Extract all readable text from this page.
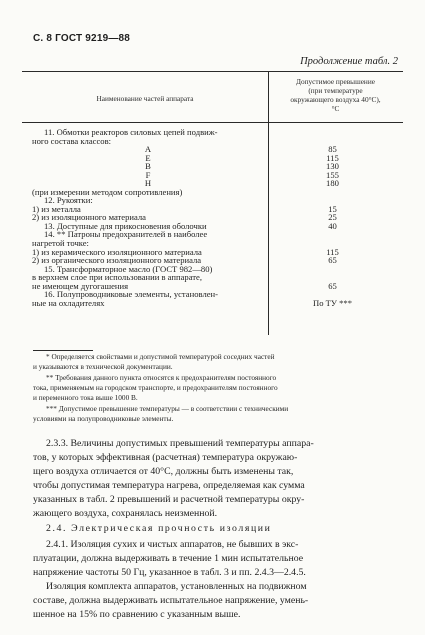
С. 8 ГОСТ 9219—88
Продолжение табл. 2
Наименование частей аппарата
Допустимое превышение
(при температуре
окружающего воздуха 40°С),
°С
11. Обмотки реакторов силовых цепей подвиж-
ного состава классов:
А	85
Е	115
В	130
F	155
Н	180
(при измерении методом сопротивления)
12. Рукоятки:
1) из металла	15
2) из изоляционного материала	25
13. Доступные для прикосновения оболочки	40
14. ** Патроны предохранителей в наиболее
нагретой точке:
1) из керамического изоляционного материала	115
2) из органического изоляционного материала	65
15. Трансформаторное масло (ГОСТ 982—80)
в верхнем слое при использовании в аппарате,
не имеющем дугогашения	65
16. Полупроводниковые элементы, установлен-
ные на охладителях	По ТУ ***
* Определяется свойствами и допустимой температурой соседних частей
и указываются в технической документации.
** Требования данного пункта относятся к предохранителям постоянного
тока, применяемым на городском транспорте, и предохранителям постоянного
и переменного тока выше 1000 В.
*** Допустимое превышение температуры — в соответствии с техническими
условиями на полупроводниковые элементы.
2.3.3. Величины допустимых превышений температуры аппара-
тов, у которых эффективная (расчетная) температура окружаю-
щего воздуха отличается от 40°С, должны быть изменены так,
чтобы допустимая температура нагрева, определяемая как сумма
указанных в табл. 2 превышений и расчетной температуры окру-
жающего воздуха, сохранялась неизменной.
2.4. Электрическая прочность изоляции
2.4.1. Изоляция сухих и чистых аппаратов, не бывших в экс-
плуатации, должна выдерживать в течение 1 мин испытательное
напряжение частоты 50 Гц, указанное в табл. 3 и пп. 2.4.3—2.4.5.
Изоляция комплекта аппаратов, установленных на подвижном
составе, должна выдерживать испытательное напряжение, умень-
шенное на 15% по сравнению с указанным выше.
